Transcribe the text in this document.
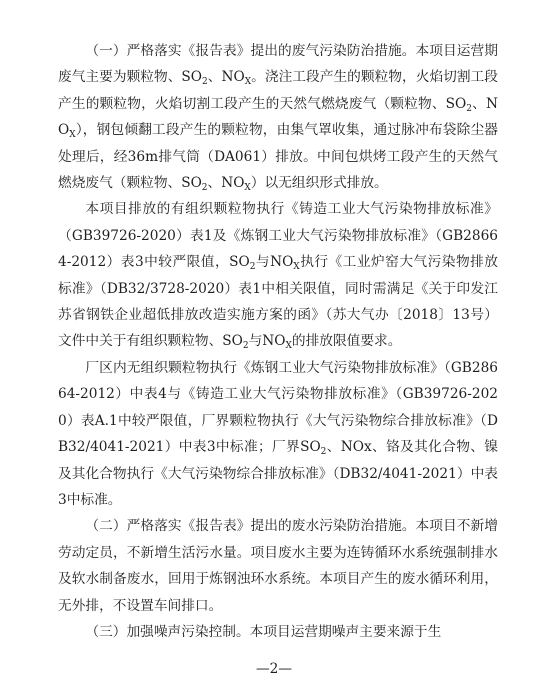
（一）严格落实《报告表》提出的废气污染防治措施。本项目运营期废气主要为颗粒物、$SO_2$、$NO_X$。浇注工段产生的颗粒物，火焰切割工段产生的颗粒物，火焰切割工段产生的天然气燃烧废气（颗粒物、$SO_2$、$NO_X$），钢包倾翻工段产生的颗粒物，由集气罩收集，通过脉冲布袋除尘器处理后，经36m排气筒（DA061）排放。中间包烘烤工段产生的天然气燃烧废气（颗粒物、$SO_2$、$NO_X$）以无组织形式排放。

本项目排放的有组织颗粒物执行《铸造工业大气污染物排放标准》（GB39726-2020）表1及《炼钢工业大气污染物排放标准》（GB28664-2012）表3中较严限值，$SO_2$与$NO_X$执行《工业炉窑大气污染物排放标准》（DB32/3728-2020）表1中相关限值，同时需满足《关于印发江苏省钢铁企业超低排放改造实施方案的函》（苏大气办〔2018〕13号）文件中关于有组织颗粒物、$SO_2$与$NO_X$的排放限值要求。

厂区内无组织颗粒物执行《炼钢工业大气污染物排放标准》（GB28664-2012）中表4与《铸造工业大气污染物排放标准》（GB39726-2020）表A.1中较严限值，厂界颗粒物执行《大气污染物综合排放标准》（DB32/4041-2021）中表3中标准；厂界$SO_2$、NOx、铬及其化合物、镍及其化合物执行《大气污染物综合排放标准》（DB32/4041-2021）中表3中标准。

（二）严格落实《报告表》提出的废水污染防治措施。本项目不新增劳动定员，不新增生活污水量。项目废水主要为连铸循环水系统强制排水及软水制备废水，回用于炼钢浊环水系统。本项目产生的废水循环利用，无外排，不设置车间排口。

（三）加强噪声污染控制。本项目运营期噪声主要来源于生

—2—
